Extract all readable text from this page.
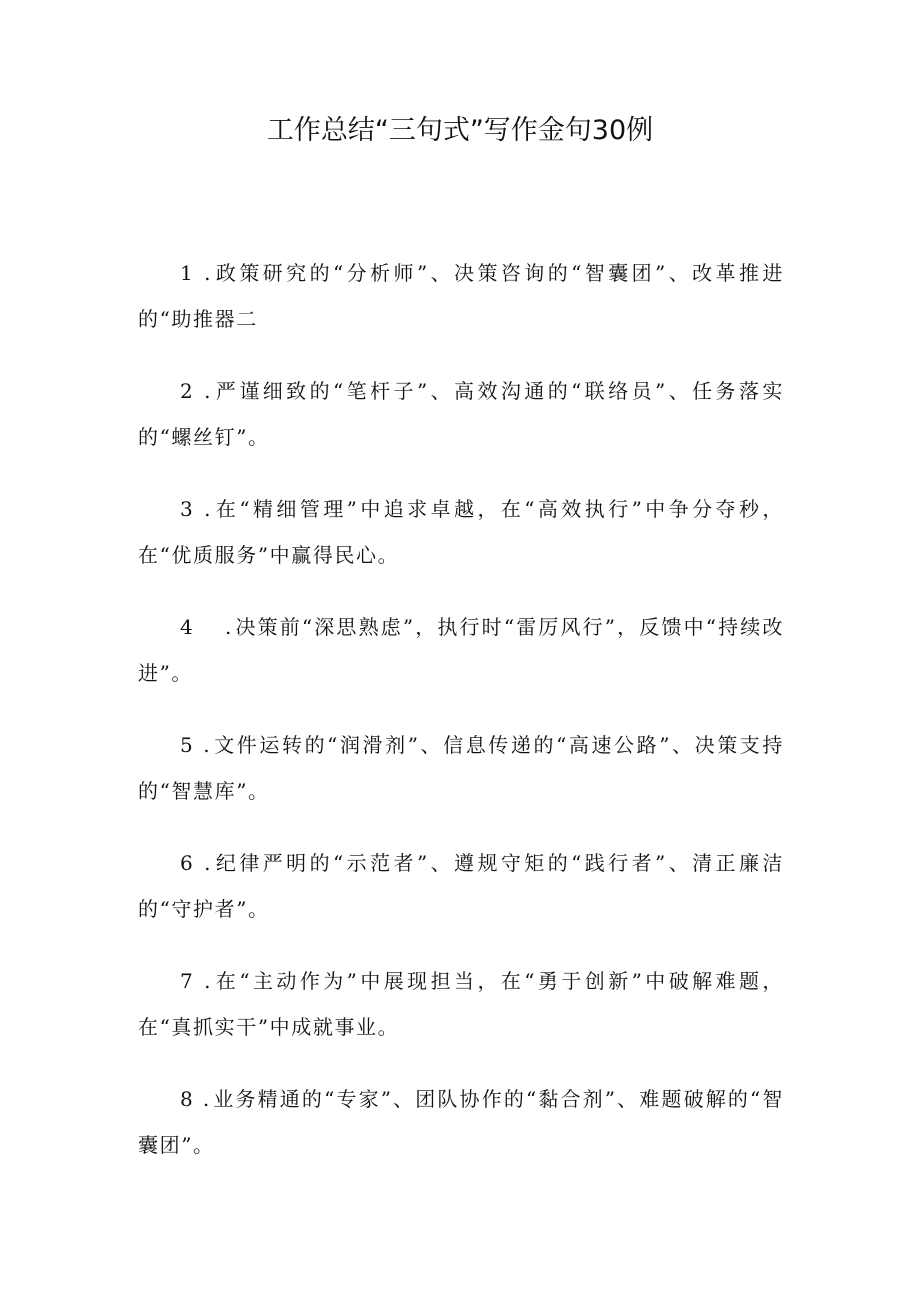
工作总结“三句式”写作金句30例

1 . 政策研究的“分析师”、决策咨询的“智囊团”、改革推进的“助推器二

2 . 严谨细致的“笔杆子”、高效沟通的“联络员”、任务落实的“螺丝钉”。

3 . 在“精细管理”中追求卓越，在“高效执行”中争分夺秒，在“优质服务”中赢得民心。

4 　. 决策前“深思熟虑”，执行时“雷厉风行”，反馈中“持续改进”。

5 . 文件运转的“润滑剂”、信息传递的“高速公路”、决策支持的“智慧库”。

6 . 纪律严明的“示范者”、遵规守矩的“践行者”、清正廉洁的“守护者”。

7 . 在“主动作为”中展现担当，在“勇于创新”中破解难题，在“真抓实干”中成就事业。

8 . 业务精通的“专家”、团队协作的“黏合剂”、难题破解的“智囊团”。
